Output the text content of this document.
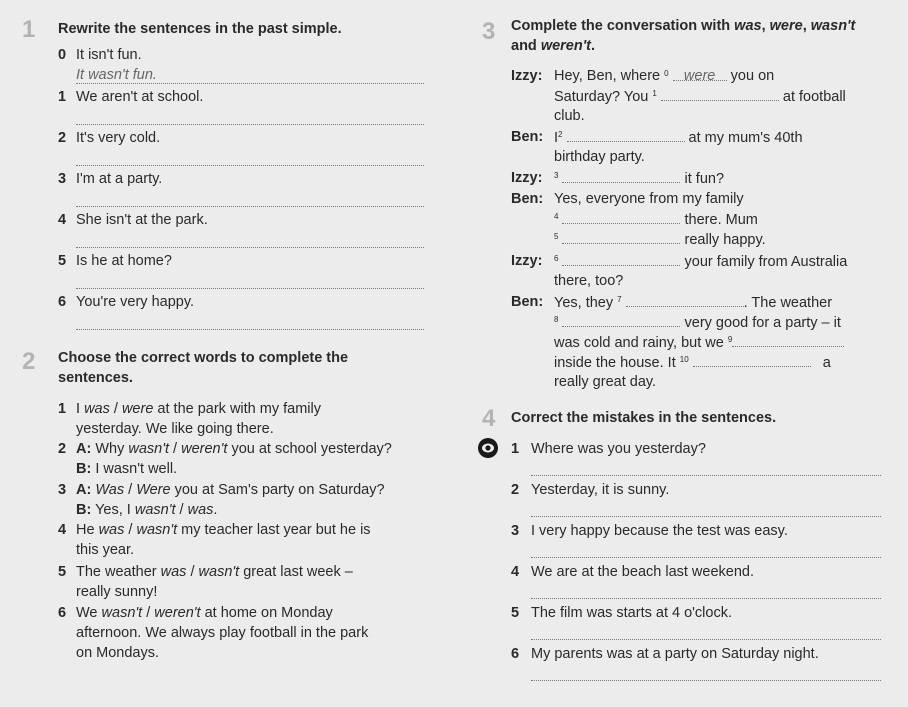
1 Rewrite the sentences in the past simple.
0 It isn't fun.
It wasn't fun.
1 We aren't at school.
2 It's very cold.
3 I'm at a party.
4 She isn't at the park.
5 Is he at home?
6 You're very happy.
2 Choose the correct words to complete the
sentences.
1 I was / were at the park with my family
yesterday. We like going there.
2 A: Why wasn't / weren't you at school yesterday?
B: I wasn't well.
3 A: Was / Were you at Sam's party on Saturday?
B: Yes, I wasn't / was.
4 He was / wasn't my teacher last year but he is
this year.
5 The weather was / wasn't great last week –
really sunny!
6 We wasn't / weren't at home on Monday
afternoon. We always play football in the park
on Mondays.
3 Complete the conversation with was, were, wasn't
and weren't.
Izzy: Hey, Ben, where $^0$ were you on
Saturday? You $^1$	at football
club.
Ben: $I^2$	at my mum's 40th
birthday party.
Izzy: $^3$	it fun?
Ben: Yes, everyone from my family
$^4$	there. Mum
$^5$	really happy.
Izzy: $^6$	your family from Australia
there, too?
Ben: Yes, they $^7$	. The weather
$^8$	very good for a party – it
was cold and rainy, but we $^9$
inside the house. It $^{10}$	a
really great day.
4 Correct the mistakes in the sentences.
1 Where was you yesterday?
2 Yesterday, it is sunny.
3 I very happy because the test was easy.
4 We are at the beach last weekend.
5 The film was starts at 4 o'clock.
6 My parents was at a party on Saturday night.
